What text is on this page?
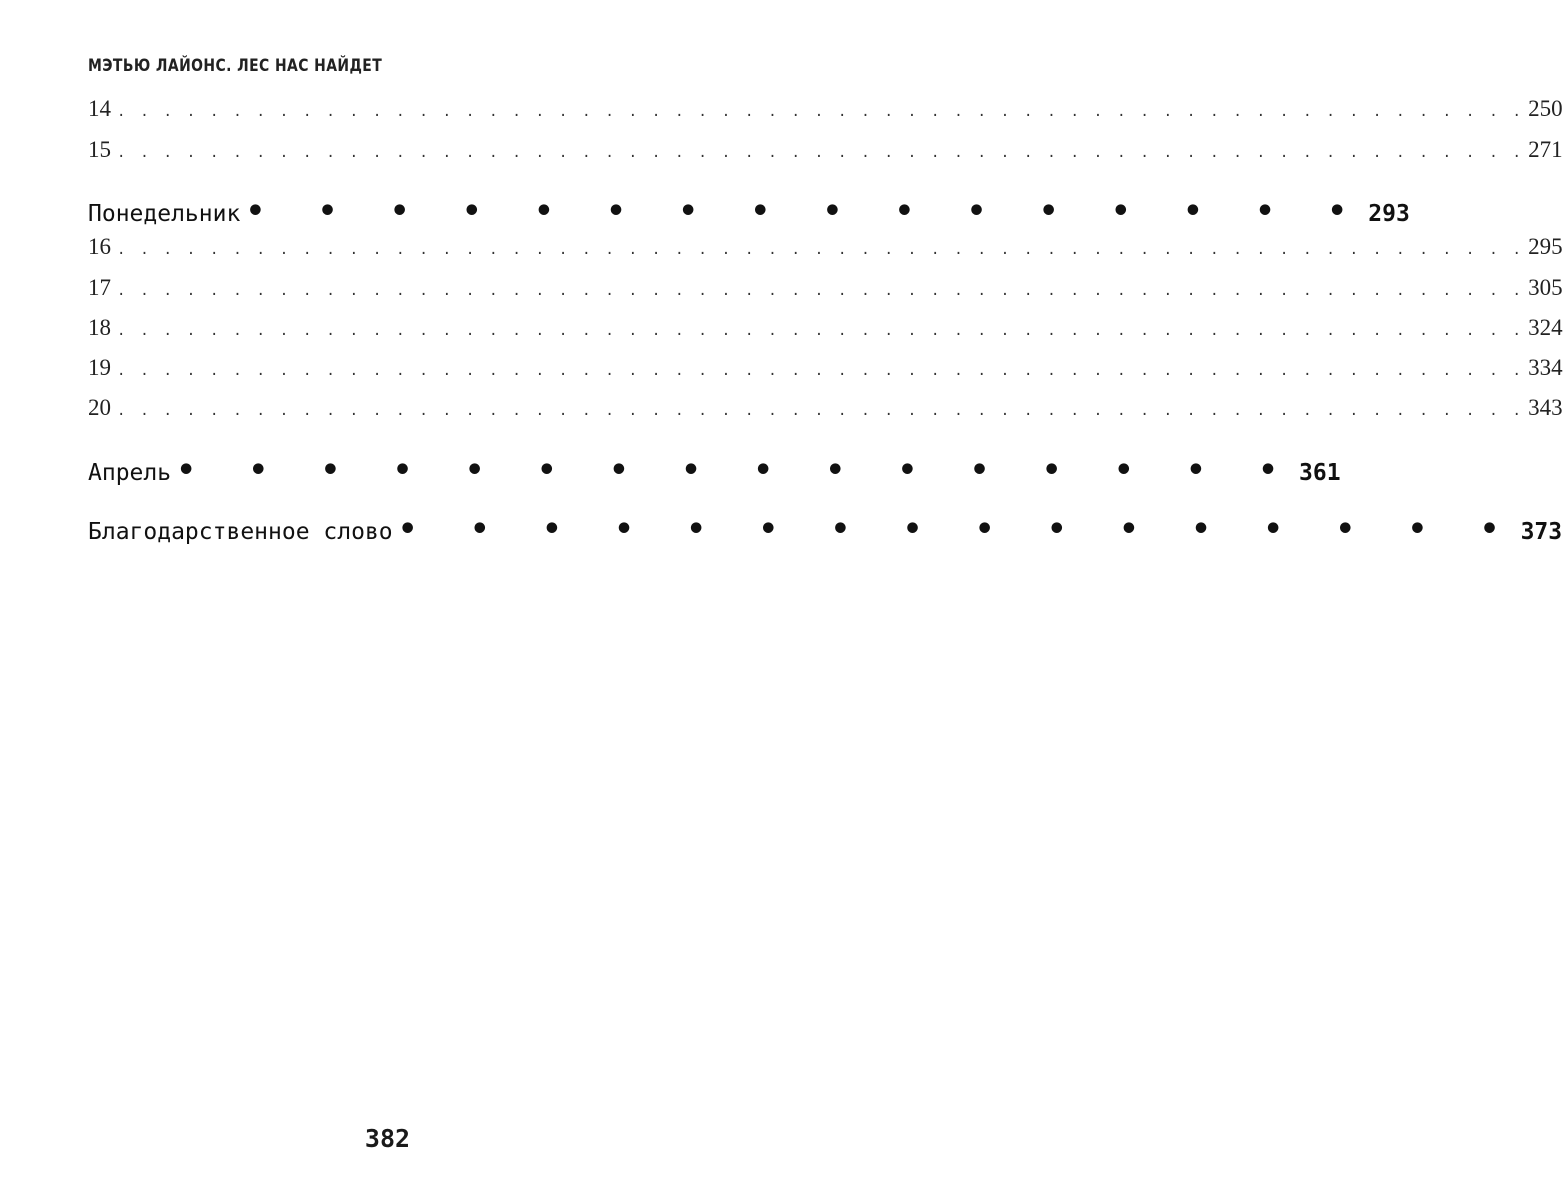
МЭТЬЮ ЛАЙОНС. ЛЕС НАС НАЙДЕТ
14 . . . . . . . . . . . . . . . . . . . . . . . . . . . . . . . . . . . . . . . . . . . . . . . . . . . . . . . . . . . . . 250
15 . . . . . . . . . . . . . . . . . . . . . . . . . . . . . . . . . . . . . . . . . . . . . . . . . . . . . . . . . . . . . 271
Понедельник • • • • • • • • • • • • • • • • 293
16 . . . . . . . . . . . . . . . . . . . . . . . . . . . . . . . . . . . . . . . . . . . . . . . . . . . . . . . . . . . . . 295
17 . . . . . . . . . . . . . . . . . . . . . . . . . . . . . . . . . . . . . . . . . . . . . . . . . . . . . . . . . . . . . 305
18 . . . . . . . . . . . . . . . . . . . . . . . . . . . . . . . . . . . . . . . . . . . . . . . . . . . . . . . . . . . . . 324
19 . . . . . . . . . . . . . . . . . . . . . . . . . . . . . . . . . . . . . . . . . . . . . . . . . . . . . . . . . . . . . 334
20 . . . . . . . . . . . . . . . . . . . . . . . . . . . . . . . . . . . . . . . . . . . . . . . . . . . . . . . . . . . . . 343
Апрель • • • • • • • • • • • • • • • • 361
Благодарственное слово • • • • • • • • • • • • • • • • 373
382
